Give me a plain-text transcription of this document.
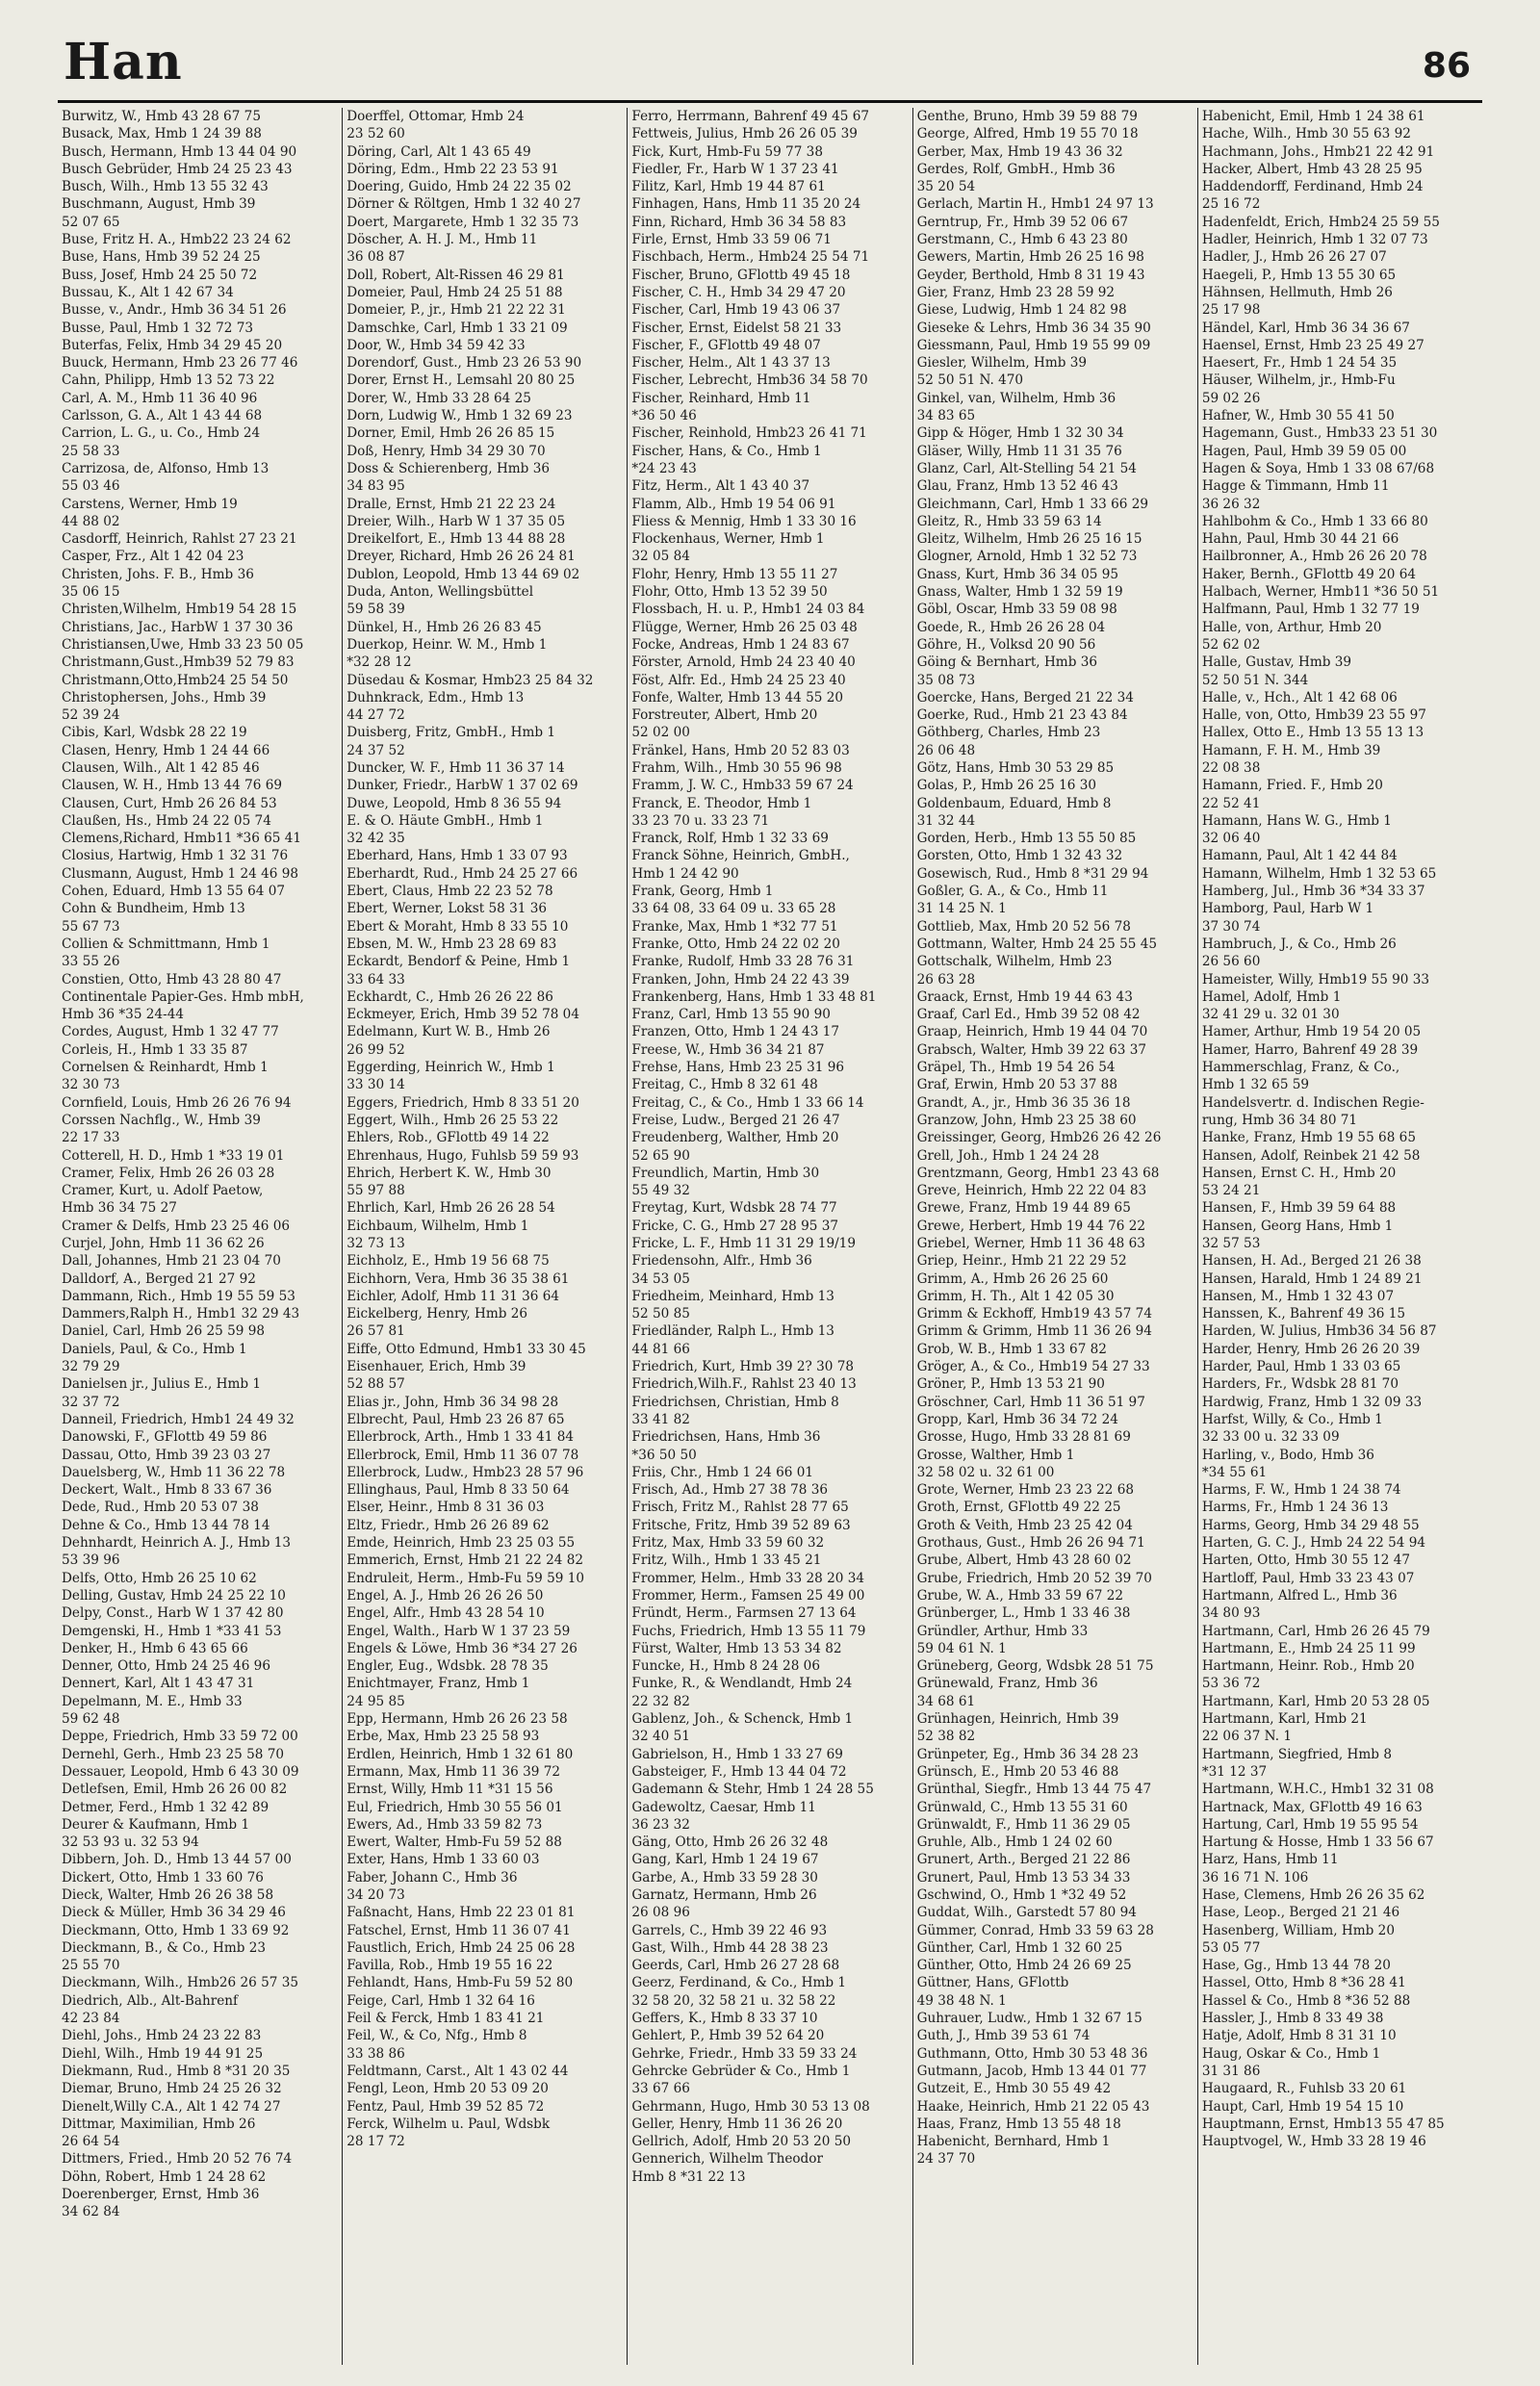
Han	86
Burwitz, W., Hmb 43 28 67 75
Busack, Max, Hmb 1 24 39 88
Busch, Hermann, Hmb 13 44 04 90
Busch Gebrüder, Hmb 24 25 23 43
Busch, Wilh., Hmb 13 55 32 43
Buschmann, August, Hmb 39
52 07 65
Buse, Fritz H. A., Hmb22 23 24 62
Buse, Hans, Hmb 39 52 24 25
Buss, Josef, Hmb 24 25 50 72
Bussau, K., Alt 1 42 67 34
Busse, v., Andr., Hmb 36 34 51 26
Busse, Paul, Hmb 1 32 72 73
Buterfas, Felix, Hmb 34 29 45 20
Buuck, Hermann, Hmb 23 26 77 46
Cahn, Philipp, Hmb 13 52 73 22
Carl, A. M., Hmb 11 36 40 96
Carlsson, G. A., Alt 1 43 44 68
Carrion, L. G., u. Co., Hmb 24
25 58 33
Carrizosa, de, Alfonso, Hmb 13
55 03 46
Carstens, Werner, Hmb 19
44 88 02
Casdorff, Heinrich, Rahlst 27 23 21
Casper, Frz., Alt 1 42 04 23
Christen, Johs. F. B., Hmb 36
35 06 15
Christen,Wilhelm, Hmb19 54 28 15
Christians, Jac., HarbW 1 37 30 36
Christiansen,Uwe, Hmb 33 23 50 05
Christmann,Gust.,Hmb39 52 79 83
Christmann,Otto,Hmb24 25 54 50
Christophersen, Johs., Hmb 39
52 39 24
Cibis, Karl, Wdsbk 28 22 19
Clasen, Henry, Hmb 1 24 44 66
Clausen, Wilh., Alt 1 42 85 46
Clausen, W. H., Hmb 13 44 76 69
Clausen, Curt, Hmb 26 26 84 53
Claußen, Hs., Hmb 24 22 05 74
Clemens,Richard, Hmb11 *36 65 41
Closius, Hartwig, Hmb 1 32 31 76
Clusmann, August, Hmb 1 24 46 98
Cohen, Eduard, Hmb 13 55 64 07
Cohn & Bundheim, Hmb 13
55 67 73
Collien & Schmittmann, Hmb 1
33 55 26
Constien, Otto, Hmb 43 28 80 47
Continentale Papier-Ges. Hmb mbH,
Hmb 36 *35 24-44
Cordes, August, Hmb 1 32 47 77
Corleis, H., Hmb 1 33 35 87
Cornelsen & Reinhardt, Hmb 1
32 30 73
Cornfield, Louis, Hmb 26 26 76 94
Corssen Nachflg., W., Hmb 39
22 17 33
Cotterell, H. D., Hmb 1 *33 19 01
Cramer, Felix, Hmb 26 26 03 28
Cramer, Kurt, u. Adolf Paetow,
Hmb 36 34 75 27
Cramer & Delfs, Hmb 23 25 46 06
Curjel, John, Hmb 11 36 62 26
Dall, Johannes, Hmb 21 23 04 70
Dalldorf, A., Berged 21 27 92
Dammann, Rich., Hmb 19 55 59 53
Dammers,Ralph H., Hmb1 32 29 43
Daniel, Carl, Hmb 26 25 59 98
Daniels, Paul, & Co., Hmb 1
32 79 29
Danielsen jr., Julius E., Hmb 1
32 37 72
Danneil, Friedrich, Hmb1 24 49 32
Danowski, F., GFlottb 49 59 86
Dassau, Otto, Hmb 39 23 03 27
Dauelsberg, W., Hmb 11 36 22 78
Deckert, Walt., Hmb 8 33 67 36
Dede, Rud., Hmb 20 53 07 38
Dehne & Co., Hmb 13 44 78 14
Dehnhardt, Heinrich A. J., Hmb 13
53 39 96
Delfs, Otto, Hmb 26 25 10 62
Delling, Gustav, Hmb 24 25 22 10
Delpy, Const., Harb W 1 37 42 80
Demgenski, H., Hmb 1 *33 41 53
Denker, H., Hmb 6 43 65 66
Denner, Otto, Hmb 24 25 46 96
Dennert, Karl, Alt 1 43 47 31
Depelmann, M. E., Hmb 33
59 62 48
Deppe, Friedrich, Hmb 33 59 72 00
Dernehl, Gerh., Hmb 23 25 58 70
Dessauer, Leopold, Hmb 6 43 30 09
Detlefsen, Emil, Hmb 26 26 00 82
Detmer, Ferd., Hmb 1 32 42 89
Deurer & Kaufmann, Hmb 1
32 53 93 u. 32 53 94
Dibbern, Joh. D., Hmb 13 44 57 00
Dickert, Otto, Hmb 1 33 60 76
Dieck, Walter, Hmb 26 26 38 58
Dieck & Müller, Hmb 36 34 29 46
Dieckmann, Otto, Hmb 1 33 69 92
Dieckmann, B., & Co., Hmb 23
25 55 70
Dieckmann, Wilh., Hmb26 26 57 35
Diedrich, Alb., Alt-Bahrenf
42 23 84
Diehl, Johs., Hmb 24 23 22 83
Diehl, Wilh., Hmb 19 44 91 25
Diekmann, Rud., Hmb 8 *31 20 35
Diemar, Bruno, Hmb 24 25 26 32
Dienelt,Willy C.A., Alt 1 42 74 27
Dittmar, Maximilian, Hmb 26
26 64 54
Dittmers, Fried., Hmb 20 52 76 74
Döhn, Robert, Hmb 1 24 28 62
Doerenberger, Ernst, Hmb 36
34 62 84
Doerffel, Ottomar, Hmb 24
23 52 60
Döring, Carl, Alt 1 43 65 49
Döring, Edm., Hmb 22 23 53 91
Doering, Guido, Hmb 24 22 35 02
Dörner & Röltgen, Hmb 1 32 40 27
Doert, Margarete, Hmb 1 32 35 73
Döscher, A. H. J. M., Hmb 11
36 08 87
Doll, Robert, Alt-Rissen 46 29 81
Domeier, Paul, Hmb 24 25 51 88
Domeier, P., jr., Hmb 21 22 22 31
Damschke, Carl, Hmb 1 33 21 09
Door, W., Hmb 34 59 42 33
Dorendorf, Gust., Hmb 23 26 53 90
Dorer, Ernst H., Lemsahl 20 80 25
Dorer, W., Hmb 33 28 64 25
Dorn, Ludwig W., Hmb 1 32 69 23
Dorner, Emil, Hmb 26 26 85 15
Doß, Henry, Hmb 34 29 30 70
Doss & Schierenberg, Hmb 36
34 83 95
Dralle, Ernst, Hmb 21 22 23 24
Dreier, Wilh., Harb W 1 37 35 05
Dreikelfort, E., Hmb 13 44 88 28
Dreyer, Richard, Hmb 26 26 24 81
Dublon, Leopold, Hmb 13 44 69 02
Duda, Anton, Wellingsbüttel
59 58 39
Dünkel, H., Hmb 26 26 83 45
Duerkop, Heinr. W. M., Hmb 1
*32 28 12
Düsedau & Kosmar, Hmb23 25 84 32
Duhnkrack, Edm., Hmb 13
44 27 72
Duisberg, Fritz, GmbH., Hmb 1
24 37 52
Duncker, W. F., Hmb 11 36 37 14
Dunker, Friedr., HarbW 1 37 02 69
Duwe, Leopold, Hmb 8 36 55 94
E. & O. Häute GmbH., Hmb 1
32 42 35
Eberhard, Hans, Hmb 1 33 07 93
Eberhardt, Rud., Hmb 24 25 27 66
Ebert, Claus, Hmb 22 23 52 78
Ebert, Werner, Lokst 58 31 36
Ebert & Moraht, Hmb 8 33 55 10
Ebsen, M. W., Hmb 23 28 69 83
Eckardt, Bendorf & Peine, Hmb 1
33 64 33
Eckhardt, C., Hmb 26 26 22 86
Eckmeyer, Erich, Hmb 39 52 78 04
Edelmann, Kurt W. B., Hmb 26
26 99 52
Eggerding, Heinrich W., Hmb 1
33 30 14
Eggers, Friedrich, Hmb 8 33 51 20
Eggert, Wilh., Hmb 26 25 53 22
Ehlers, Rob., GFlottb 49 14 22
Ehrenhaus, Hugo, Fuhlsb 59 59 93
Ehrich, Herbert K. W., Hmb 30
55 97 88
Ehrlich, Karl, Hmb 26 26 28 54
Eichbaum, Wilhelm, Hmb 1
32 73 13
Eichholz, E., Hmb 19 56 68 75
Eichhorn, Vera, Hmb 36 35 38 61
Eichler, Adolf, Hmb 11 31 36 64
Eickelberg, Henry, Hmb 26
26 57 81
Eiffe, Otto Edmund, Hmb1 33 30 45
Eisenhauer, Erich, Hmb 39
52 88 57
Elias jr., John, Hmb 36 34 98 28
Elbrecht, Paul, Hmb 23 26 87 65
Ellerbrock, Arth., Hmb 1 33 41 84
Ellerbrock, Emil, Hmb 11 36 07 78
Ellerbrock, Ludw., Hmb23 28 57 96
Ellinghaus, Paul, Hmb 8 33 50 64
Elser, Heinr., Hmb 8 31 36 03
Eltz, Friedr., Hmb 26 26 89 62
Emde, Heinrich, Hmb 23 25 03 55
Emmerich, Ernst, Hmb 21 22 24 82
Endruleit, Herm., Hmb-Fu 59 59 10
Engel, A. J., Hmb 26 26 26 50
Engel, Alfr., Hmb 43 28 54 10
Engel, Walth., Harb W 1 37 23 59
Engels & Löwe, Hmb 36 *34 27 26
Engler, Eug., Wdsbk. 28 78 35
Enichtmayer, Franz, Hmb 1
24 95 85
Epp, Hermann, Hmb 26 26 23 58
Erbe, Max, Hmb 23 25 58 93
Erdlen, Heinrich, Hmb 1 32 61 80
Ermann, Max, Hmb 11 36 39 72
Ernst, Willy, Hmb 11 *31 15 56
Eul, Friedrich, Hmb 30 55 56 01
Ewers, Ad., Hmb 33 59 82 73
Ewert, Walter, Hmb-Fu 59 52 88
Exter, Hans, Hmb 1 33 60 03
Faber, Johann C., Hmb 36
34 20 73
Faßnacht, Hans, Hmb 22 23 01 81
Fatschel, Ernst, Hmb 11 36 07 41
Faustlich, Erich, Hmb 24 25 06 28
Favilla, Rob., Hmb 19 55 16 22
Fehlandt, Hans, Hmb-Fu 59 52 80
Feige, Carl, Hmb 1 32 64 16
Feil & Ferck, Hmb 1 83 41 21
Feil, W., & Co, Nfg., Hmb 8
33 38 86
Feldtmann, Carst., Alt 1 43 02 44
Fengl, Leon, Hmb 20 53 09 20
Fentz, Paul, Hmb 39 52 85 72
Ferck, Wilhelm u. Paul, Wdsbk
28 17 72
Ferro, Herrmann, Bahrenf 49 45 67
Fettweis, Julius, Hmb 26 26 05 39
Fick, Kurt, Hmb-Fu 59 77 38
Fiedler, Fr., Harb W 1 37 23 41
Filitz, Karl, Hmb 19 44 87 61
Finhagen, Hans, Hmb 11 35 20 24
Finn, Richard, Hmb 36 34 58 83
Firle, Ernst, Hmb 33 59 06 71
Fischbach, Herm., Hmb24 25 54 71
Fischer, Bruno, GFlottb 49 45 18
Fischer, C. H., Hmb 34 29 47 20
Fischer, Carl, Hmb 19 43 06 37
Fischer, Ernst, Eidelst 58 21 33
Fischer, F., GFlottb 49 48 07
Fischer, Helm., Alt 1 43 37 13
Fischer, Lebrecht, Hmb36 34 58 70
Fischer, Reinhard, Hmb 11
*36 50 46
Fischer, Reinhold, Hmb23 26 41 71
Fischer, Hans, & Co., Hmb 1
*24 23 43
Fitz, Herm., Alt 1 43 40 37
Flamm, Alb., Hmb 19 54 06 91
Fliess & Mennig, Hmb 1 33 30 16
Flockenhaus, Werner, Hmb 1
32 05 84
Flohr, Henry, Hmb 13 55 11 27
Flohr, Otto, Hmb 13 52 39 50
Flossbach, H. u. P., Hmb1 24 03 84
Flügge, Werner, Hmb 26 25 03 48
Focke, Andreas, Hmb 1 24 83 67
Förster, Arnold, Hmb 24 23 40 40
Föst, Alfr. Ed., Hmb 24 25 23 40
Fonfe, Walter, Hmb 13 44 55 20
Forstreuter, Albert, Hmb 20
52 02 00
Fränkel, Hans, Hmb 20 52 83 03
Frahm, Wilh., Hmb 30 55 96 98
Framm, J. W. C., Hmb33 59 67 24
Franck, E. Theodor, Hmb 1
33 23 70 u. 33 23 71
Franck, Rolf, Hmb 1 32 33 69
Franck Söhne, Heinrich, GmbH.,
Hmb 1 24 42 90
Frank, Georg, Hmb 1
33 64 08, 33 64 09 u. 33 65 28
Franke, Max, Hmb 1 *32 77 51
Franke, Otto, Hmb 24 22 02 20
Franke, Rudolf, Hmb 33 28 76 31
Franken, John, Hmb 24 22 43 39
Frankenberg, Hans, Hmb 1 33 48 81
Franz, Carl, Hmb 13 55 90 90
Franzen, Otto, Hmb 1 24 43 17
Freese, W., Hmb 36 34 21 87
Frehse, Hans, Hmb 23 25 31 96
Freitag, C., Hmb 8 32 61 48
Freitag, C., & Co., Hmb 1 33 66 14
Freise, Ludw., Berged 21 26 47
Freudenberg, Walther, Hmb 20
52 65 90
Freundlich, Martin, Hmb 30
55 49 32
Freytag, Kurt, Wdsbk 28 74 77
Fricke, C. G., Hmb 27 28 95 37
Fricke, L. F., Hmb 11 31 29 19/19
Friedensohn, Alfr., Hmb 36
34 53 05
Friedheim, Meinhard, Hmb 13
52 50 85
Friedländer, Ralph L., Hmb 13
44 81 66
Friedrich, Kurt, Hmb 39 2? 30 78
Friedrich,Wilh.F., Rahlst 23 40 13
Friedrichsen, Christian, Hmb 8
33 41 82
Friedrichsen, Hans, Hmb 36
*36 50 50
Friis, Chr., Hmb 1 24 66 01
Frisch, Ad., Hmb 27 38 78 36
Frisch, Fritz M., Rahlst 28 77 65
Fritsche, Fritz, Hmb 39 52 89 63
Fritz, Max, Hmb 33 59 60 32
Fritz, Wilh., Hmb 1 33 45 21
Frommer, Helm., Hmb 33 28 20 34
Frommer, Herm., Famsen 25 49 00
Fründt, Herm., Farmsen 27 13 64
Fuchs, Friedrich, Hmb 13 55 11 79
Fürst, Walter, Hmb 13 53 34 82
Funcke, H., Hmb 8 24 28 06
Funke, R., & Wendlandt, Hmb 24
22 32 82
Gablenz, Joh., & Schenck, Hmb 1
32 40 51
Gabrielson, H., Hmb 1 33 27 69
Gabsteiger, F., Hmb 13 44 04 72
Gademann & Stehr, Hmb 1 24 28 55
Gadewoltz, Caesar, Hmb 11
36 23 32
Gäng, Otto, Hmb 26 26 32 48
Gang, Karl, Hmb 1 24 19 67
Garbe, A., Hmb 33 59 28 30
Garnatz, Hermann, Hmb 26
26 08 96
Garrels, C., Hmb 39 22 46 93
Gast, Wilh., Hmb 44 28 38 23
Geerds, Carl, Hmb 26 27 28 68
Geerz, Ferdinand, & Co., Hmb 1
32 58 20, 32 58 21 u. 32 58 22
Geffers, K., Hmb 8 33 37 10
Gehlert, P., Hmb 39 52 64 20
Gehrke, Friedr., Hmb 33 59 33 24
Gehrcke Gebrüder & Co., Hmb 1
33 67 66
Gehrmann, Hugo, Hmb 30 53 13 08
Geller, Henry, Hmb 11 36 26 20
Gellrich, Adolf, Hmb 20 53 20 50
Gennerich, Wilhelm Theodor
Hmb 8 *31 22 13
Genthe, Bruno, Hmb 39 59 88 79
George, Alfred, Hmb 19 55 70 18
Gerber, Max, Hmb 19 43 36 32
Gerdes, Rolf, GmbH., Hmb 36
35 20 54
Gerlach, Martin H., Hmb1 24 97 13
Gerntrup, Fr., Hmb 39 52 06 67
Gerstmann, C., Hmb 6 43 23 80
Gewers, Martin, Hmb 26 25 16 98
Geyder, Berthold, Hmb 8 31 19 43
Gier, Franz, Hmb 23 28 59 92
Giese, Ludwig, Hmb 1 24 82 98
Gieseke & Lehrs, Hmb 36 34 35 90
Giessmann, Paul, Hmb 19 55 99 09
Giesler, Wilhelm, Hmb 39
52 50 51 N. 470
Ginkel, van, Wilhelm, Hmb 36
34 83 65
Gipp & Höger, Hmb 1 32 30 34
Gläser, Willy, Hmb 11 31 35 76
Glanz, Carl, Alt-Stelling 54 21 54
Glau, Franz, Hmb 13 52 46 43
Gleichmann, Carl, Hmb 1 33 66 29
Gleitz, R., Hmb 33 59 63 14
Gleitz, Wilhelm, Hmb 26 25 16 15
Glogner, Arnold, Hmb 1 32 52 73
Gnass, Kurt, Hmb 36 34 05 95
Gnass, Walter, Hmb 1 32 59 19
Göbl, Oscar, Hmb 33 59 08 98
Goede, R., Hmb 26 26 28 04
Göhre, H., Volksd 20 90 56
Göing & Bernhart, Hmb 36
35 08 73
Goercke, Hans, Berged 21 22 34
Goerke, Rud., Hmb 21 23 43 84
Göthberg, Charles, Hmb 23
26 06 48
Götz, Hans, Hmb 30 53 29 85
Golas, P., Hmb 26 25 16 30
Goldenbaum, Eduard, Hmb 8
31 32 44
Gorden, Herb., Hmb 13 55 50 85
Gorsten, Otto, Hmb 1 32 43 32
Gosewisch, Rud., Hmb 8 *31 29 94
Goßler, G. A., & Co., Hmb 11
31 14 25 N. 1
Gottlieb, Max, Hmb 20 52 56 78
Gottmann, Walter, Hmb 24 25 55 45
Gottschalk, Wilhelm, Hmb 23
26 63 28
Graack, Ernst, Hmb 19 44 63 43
Graaf, Carl Ed., Hmb 39 52 08 42
Graap, Heinrich, Hmb 19 44 04 70
Grabsch, Walter, Hmb 39 22 63 37
Gräpel, Th., Hmb 19 54 26 54
Graf, Erwin, Hmb 20 53 37 88
Grandt, A., jr., Hmb 36 35 36 18
Granzow, John, Hmb 23 25 38 60
Greissinger, Georg, Hmb26 26 42 26
Grell, Joh., Hmb 1 24 24 28
Grentzmann, Georg, Hmb1 23 43 68
Greve, Heinrich, Hmb 22 22 04 83
Grewe, Franz, Hmb 19 44 89 65
Grewe, Herbert, Hmb 19 44 76 22
Griebel, Werner, Hmb 11 36 48 63
Griep, Heinr., Hmb 21 22 29 52
Grimm, A., Hmb 26 26 25 60
Grimm, H. Th., Alt 1 42 05 30
Grimm & Eckhoff, Hmb19 43 57 74
Grimm & Grimm, Hmb 11 36 26 94
Grob, W. B., Hmb 1 33 67 82
Gröger, A., & Co., Hmb19 54 27 33
Gröner, P., Hmb 13 53 21 90
Gröschner, Carl, Hmb 11 36 51 97
Gropp, Karl, Hmb 36 34 72 24
Grosse, Hugo, Hmb 33 28 81 69
Grosse, Walther, Hmb 1
32 58 02 u. 32 61 00
Grote, Werner, Hmb 23 23 22 68
Groth, Ernst, GFlottb 49 22 25
Groth & Veith, Hmb 23 25 42 04
Grothaus, Gust., Hmb 26 26 94 71
Grube, Albert, Hmb 43 28 60 02
Grube, Friedrich, Hmb 20 52 39 70
Grube, W. A., Hmb 33 59 67 22
Grünberger, L., Hmb 1 33 46 38
Gründler, Arthur, Hmb 33
59 04 61 N. 1
Grüneberg, Georg, Wdsbk 28 51 75
Grünewald, Franz, Hmb 36
34 68 61
Grünhagen, Heinrich, Hmb 39
52 38 82
Grünpeter, Eg., Hmb 36 34 28 23
Grünsch, E., Hmb 20 53 46 88
Grünthal, Siegfr., Hmb 13 44 75 47
Grünwald, C., Hmb 13 55 31 60
Grünwaldt, F., Hmb 11 36 29 05
Gruhle, Alb., Hmb 1 24 02 60
Grunert, Arth., Berged 21 22 86
Grunert, Paul, Hmb 13 53 34 33
Gschwind, O., Hmb 1 *32 49 52
Guddat, Wilh., Garstedt 57 80 94
Gümmer, Conrad, Hmb 33 59 63 28
Günther, Carl, Hmb 1 32 60 25
Günther, Otto, Hmb 24 26 69 25
Güttner, Hans, GFlottb
49 38 48 N. 1
Guhrauer, Ludw., Hmb 1 32 67 15
Guth, J., Hmb 39 53 61 74
Guthmann, Otto, Hmb 30 53 48 36
Gutmann, Jacob, Hmb 13 44 01 77
Gutzeit, E., Hmb 30 55 49 42
Haake, Heinrich, Hmb 21 22 05 43
Haas, Franz, Hmb 13 55 48 18
Habenicht, Bernhard, Hmb 1
24 37 70
Habenicht, Emil, Hmb 1 24 38 61
Hache, Wilh., Hmb 30 55 63 92
Hachmann, Johs., Hmb21 22 42 91
Hacker, Albert, Hmb 43 28 25 95
Haddendorff, Ferdinand, Hmb 24
25 16 72
Hadenfeldt, Erich, Hmb24 25 59 55
Hadler, Heinrich, Hmb 1 32 07 73
Hadler, J., Hmb 26 26 27 07
Haegeli, P., Hmb 13 55 30 65
Hähnsen, Hellmuth, Hmb 26
25 17 98
Händel, Karl, Hmb 36 34 36 67
Haensel, Ernst, Hmb 23 25 49 27
Haesert, Fr., Hmb 1 24 54 35
Häuser, Wilhelm, jr., Hmb-Fu
59 02 26
Hafner, W., Hmb 30 55 41 50
Hagemann, Gust., Hmb33 23 51 30
Hagen, Paul, Hmb 39 59 05 00
Hagen & Soya, Hmb 1 33 08 67/68
Hagge & Timmann, Hmb 11
36 26 32
Hahlbohm & Co., Hmb 1 33 66 80
Hahn, Paul, Hmb 30 44 21 66
Hailbronner, A., Hmb 26 26 20 78
Haker, Bernh., GFlottb 49 20 64
Halbach, Werner, Hmb11 *36 50 51
Halfmann, Paul, Hmb 1 32 77 19
Halle, von, Arthur, Hmb 20
52 62 02
Halle, Gustav, Hmb 39
52 50 51 N. 344
Halle, v., Hch., Alt 1 42 68 06
Halle, von, Otto, Hmb39 23 55 97
Hallex, Otto E., Hmb 13 55 13 13
Hamann, F. H. M., Hmb 39
22 08 38
Hamann, Fried. F., Hmb 20
22 52 41
Hamann, Hans W. G., Hmb 1
32 06 40
Hamann, Paul, Alt 1 42 44 84
Hamann, Wilhelm, Hmb 1 32 53 65
Hamberg, Jul., Hmb 36 *34 33 37
Hamborg, Paul, Harb W 1
37 30 74
Hambruch, J., & Co., Hmb 26
26 56 60
Hameister, Willy, Hmb19 55 90 33
Hamel, Adolf, Hmb 1
32 41 29 u. 32 01 30
Hamer, Arthur, Hmb 19 54 20 05
Hamer, Harro, Bahrenf 49 28 39
Hammerschlag, Franz, & Co.,
Hmb 1 32 65 59
Handelsvertr. d. Indischen Regie-
rung, Hmb 36 34 80 71
Hanke, Franz, Hmb 19 55 68 65
Hansen, Adolf, Reinbek 21 42 58
Hansen, Ernst C. H., Hmb 20
53 24 21
Hansen, F., Hmb 39 59 64 88
Hansen, Georg Hans, Hmb 1
32 57 53
Hansen, H. Ad., Berged 21 26 38
Hansen, Harald, Hmb 1 24 89 21
Hansen, M., Hmb 1 32 43 07
Hanssen, K., Bahrenf 49 36 15
Harden, W. Julius, Hmb36 34 56 87
Harder, Henry, Hmb 26 26 20 39
Harder, Paul, Hmb 1 33 03 65
Harders, Fr., Wdsbk 28 81 70
Hardwig, Franz, Hmb 1 32 09 33
Harfst, Willy, & Co., Hmb 1
32 33 00 u. 32 33 09
Harling, v., Bodo, Hmb 36
*34 55 61
Harms, F. W., Hmb 1 24 38 74
Harms, Fr., Hmb 1 24 36 13
Harms, Georg, Hmb 34 29 48 55
Harten, G. C. J., Hmb 24 22 54 94
Harten, Otto, Hmb 30 55 12 47
Hartloff, Paul, Hmb 33 23 43 07
Hartmann, Alfred L., Hmb 36
34 80 93
Hartmann, Carl, Hmb 26 26 45 79
Hartmann, E., Hmb 24 25 11 99
Hartmann, Heinr. Rob., Hmb 20
53 36 72
Hartmann, Karl, Hmb 20 53 28 05
Hartmann, Karl, Hmb 21
22 06 37 N. 1
Hartmann, Siegfried, Hmb 8
*31 12 37
Hartmann, W.H.C., Hmb1 32 31 08
Hartnack, Max, GFlottb 49 16 63
Hartung, Carl, Hmb 19 55 95 54
Hartung & Hosse, Hmb 1 33 56 67
Harz, Hans, Hmb 11
36 16 71 N. 106
Hase, Clemens, Hmb 26 26 35 62
Hase, Leop., Berged 21 21 46
Hasenberg, William, Hmb 20
53 05 77
Hase, Gg., Hmb 13 44 78 20
Hassel, Otto, Hmb 8 *36 28 41
Hassel & Co., Hmb 8 *36 52 88
Hassler, J., Hmb 8 33 49 38
Hatje, Adolf, Hmb 8 31 31 10
Haug, Oskar & Co., Hmb 1
31 31 86
Haugaard, R., Fuhlsb 33 20 61
Haupt, Carl, Hmb 19 54 15 10
Hauptmann, Ernst, Hmb13 55 47 85
Hauptvogel, W., Hmb 33 28 19 46
